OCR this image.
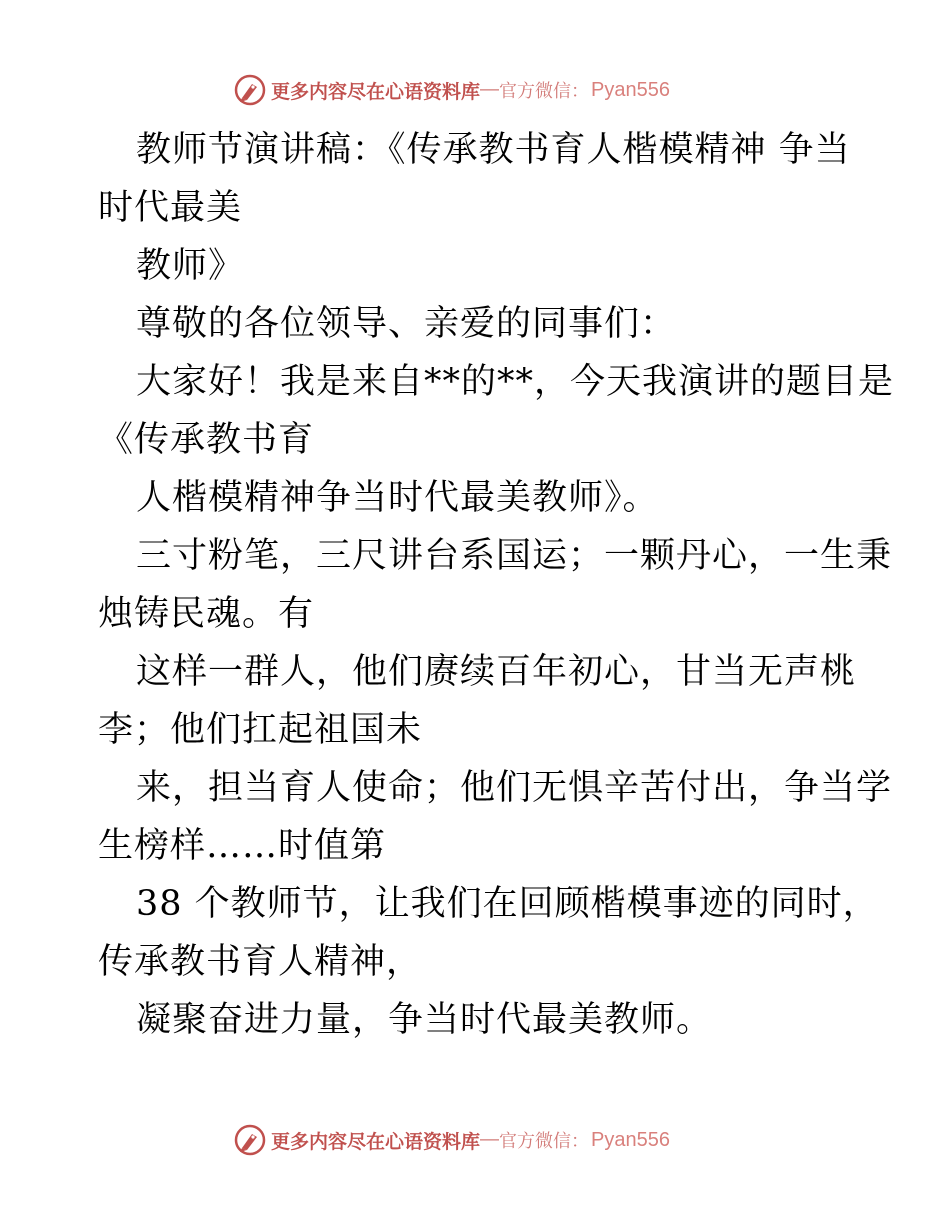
更多内容尽在心语资料库 — 官方微信： Pyan556
教师节演讲稿：《传承教书育人楷模精神 争当
时代最美
教师》
尊敬的各位领导、亲爱的同事们：
大家好！我是来自**的**，今天我演讲的题目是
《传承教书育
人楷模精神争当时代最美教师》。
三寸粉笔，三尺讲台系国运；一颗丹心，一生秉
烛铸民魂。有
这样一群人，他们赓续百年初心，甘当无声桃
李；他们扛起祖国未
来，担当育人使命；他们无惧辛苦付出，争当学
生榜样……时值第
38 个教师节，让我们在回顾楷模事迹的同时，
传承教书育人精神，
凝聚奋进力量，争当时代最美教师。
更多内容尽在心语资料库 — 官方微信： Pyan556
